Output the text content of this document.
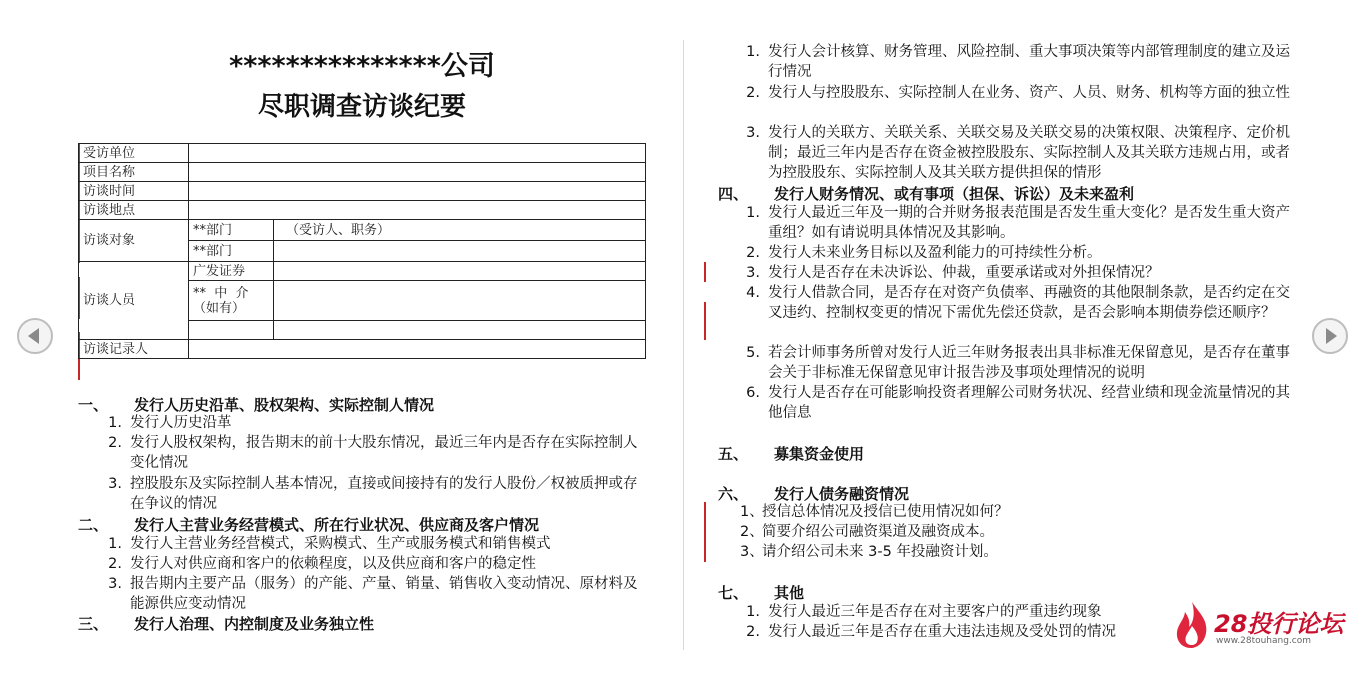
***************公司
尽职调查访谈纪要
受访单位		
项目名称		
访谈时间		
访谈地点		
访谈对象	**部门	（受访人、职务）
	**部门	
访谈人员	广发证券	

	**  中  介
（如有）	

访谈记录人		
一、 发行人历史沿革、股权架构、实际控制人情况
1. 发行人历史沿革
2. 发行人股权架构，报告期末的前十大股东情况，最近三年内是否存在实际控制人变化情况
3. 控股股东及实际控制人基本情况，直接或间接持有的发行人股份／权被质押或存在争议的情况
二、 发行人主营业务经营模式、所在行业状况、供应商及客户情况
1. 发行人主营业务经营模式，采购模式、生产或服务模式和销售模式
2. 发行人对供应商和客户的依赖程度，以及供应商和客户的稳定性
3. 报告期内主要产品（服务）的产能、产量、销量、销售收入变动情况、原材料及能源供应变动情况
三、 发行人治理、内控制度及业务独立性
1. 发行人会计核算、财务管理、风险控制、重大事项决策等内部管理制度的建立及运行情况
2. 发行人与控股股东、实际控制人在业务、资产、人员、财务、机构等方面的独立性
3. 发行人的关联方、关联关系、关联交易及关联交易的决策权限、决策程序、定价机制；最近三年内是否存在资金被控股股东、实际控制人及其关联方违规占用，或者为控股股东、实际控制人及其关联方提供担保的情形
四、 发行人财务情况、或有事项（担保、诉讼）及未来盈利
1. 发行人最近三年及一期的合并财务报表范围是否发生重大变化？是否发生重大资产重组？如有请说明具体情况及其影响。
2. 发行人未来业务目标以及盈利能力的可持续性分析。
3. 发行人是否存在未决诉讼、仲裁，重要承诺或对外担保情况？
4. 发行人借款合同，是否存在对资产负债率、再融资的其他限制条款，是否约定在交叉违约、控制权变更的情况下需优先偿还贷款，是否会影响本期债券偿还顺序？
5. 若会计师事务所曾对发行人近三年财务报表出具非标准无保留意见，是否存在董事会关于非标准无保留意见审计报告涉及事项处理情况的说明
6. 发行人是否存在可能影响投资者理解公司财务状况、经营业绩和现金流量情况的其他信息
五、 募集资金使用
六、 发行人债务融资情况
1、
授信总体情况及授信已使用情况如何？
2、
简要介绍公司融资渠道及融资成本。
3、
请介绍公司未来 3-5 年投融资计划。
七、 其他
1. 发行人最近三年是否存在对主要客户的严重违约现象
2. 发行人最近三年是否存在重大违法违规及受处罚的情况	28投行论坛
www.28touhang.com
